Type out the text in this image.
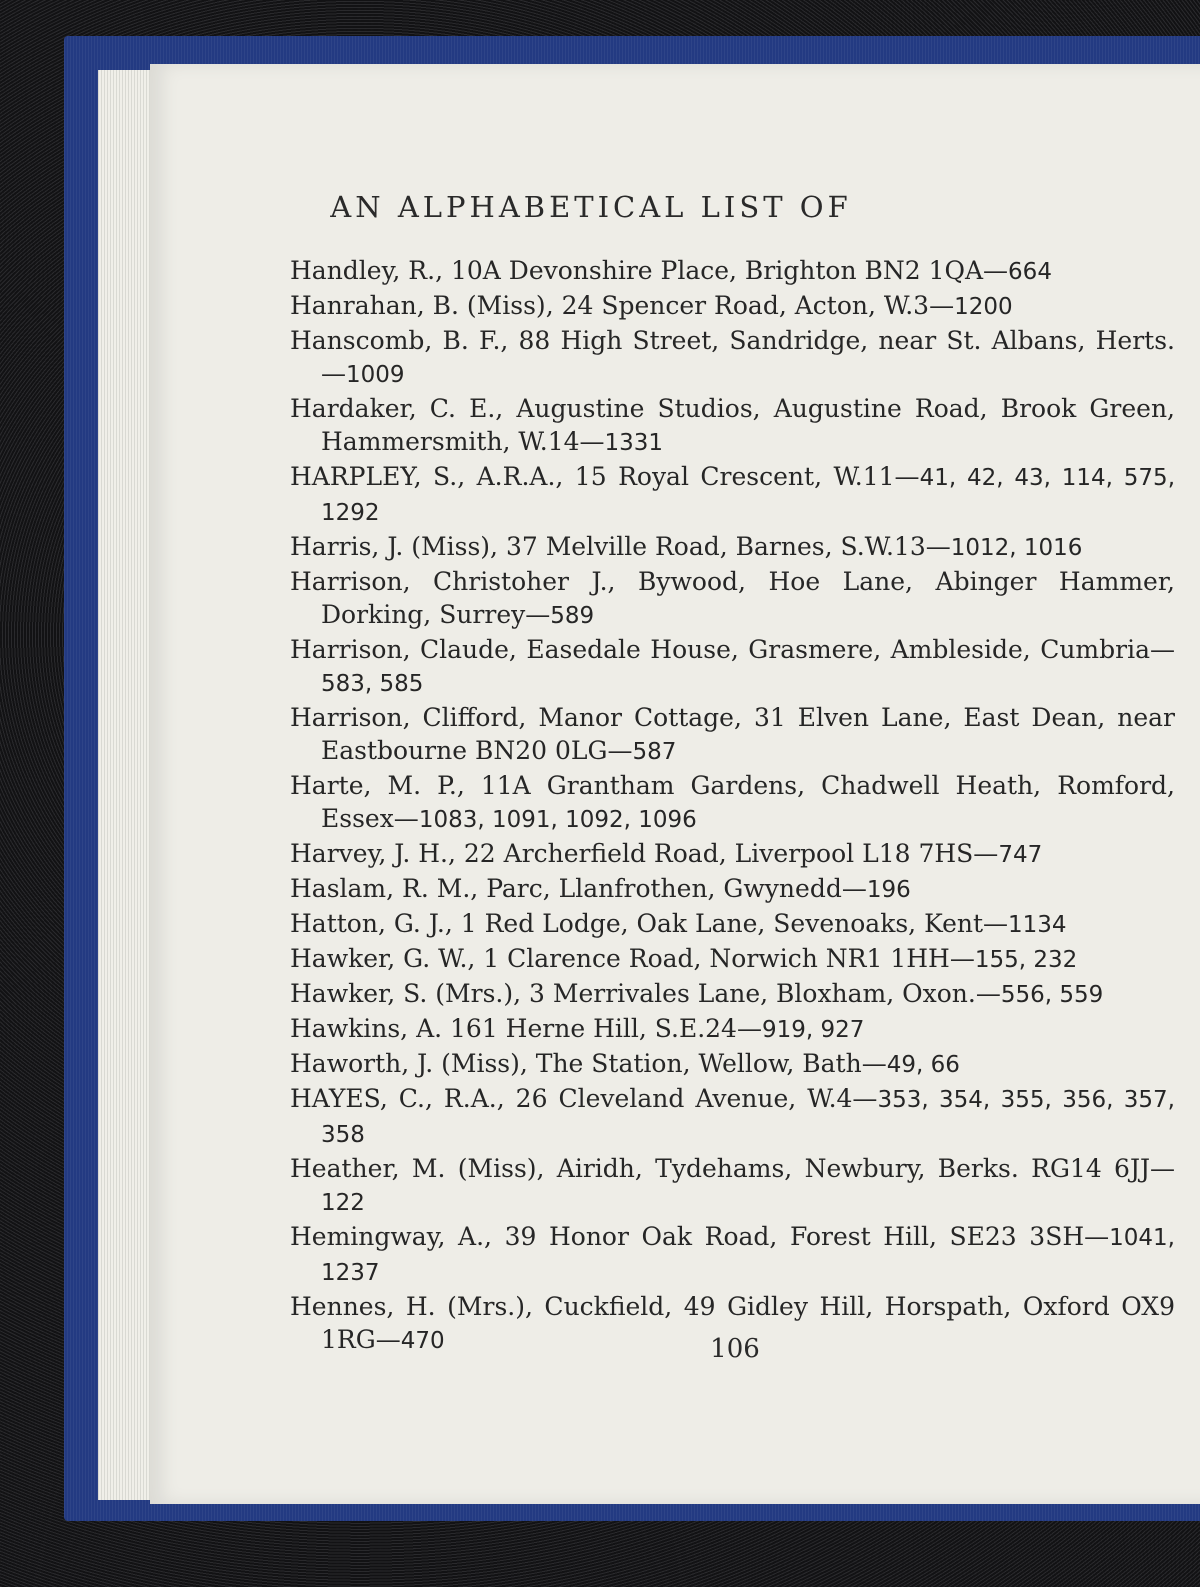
AN ALPHABETICAL LIST OF
Handley, R., 10A Devonshire Place, Brighton BN2 1QA—664
Hanrahan, B. (Miss), 24 Spencer Road, Acton, W.3—1200
Hanscomb, B. F., 88 High Street, Sandridge, near St. Albans, Herts.—1009
Hardaker, C. E., Augustine Studios, Augustine Road, Brook Green, Hammersmith, W.14—1331
HARPLEY, S., A.R.A., 15 Royal Crescent, W.11—41, 42, 43, 114, 575, 1292
Harris, J. (Miss), 37 Melville Road, Barnes, S.W.13—1012, 1016
Harrison, Christoher J., Bywood, Hoe Lane, Abinger Hammer, Dorking, Surrey—589
Harrison, Claude, Easedale House, Grasmere, Ambleside, Cumbria—583, 585
Harrison, Clifford, Manor Cottage, 31 Elven Lane, East Dean, near Eastbourne BN20 0LG—587
Harte, M. P., 11A Grantham Gardens, Chadwell Heath, Romford, Essex—1083, 1091, 1092, 1096
Harvey, J. H., 22 Archerfield Road, Liverpool L18 7HS—747
Haslam, R. M., Parc, Llanfrothen, Gwynedd—196
Hatton, G. J., 1 Red Lodge, Oak Lane, Sevenoaks, Kent—1134
Hawker, G. W., 1 Clarence Road, Norwich NR1 1HH—155, 232
Hawker, S. (Mrs.), 3 Merrivales Lane, Bloxham, Oxon.—556, 559
Hawkins, A. 161 Herne Hill, S.E.24—919, 927
Haworth, J. (Miss), The Station, Wellow, Bath—49, 66
HAYES, C., R.A., 26 Cleveland Avenue, W.4—353, 354, 355, 356, 357, 358
Heather, M. (Miss), Airidh, Tydehams, Newbury, Berks. RG14 6JJ—122
Hemingway, A., 39 Honor Oak Road, Forest Hill, SE23 3SH—1041, 1237
Hennes, H. (Mrs.), Cuckfield, 49 Gidley Hill, Horspath, Oxford OX9 1RG—470	106
